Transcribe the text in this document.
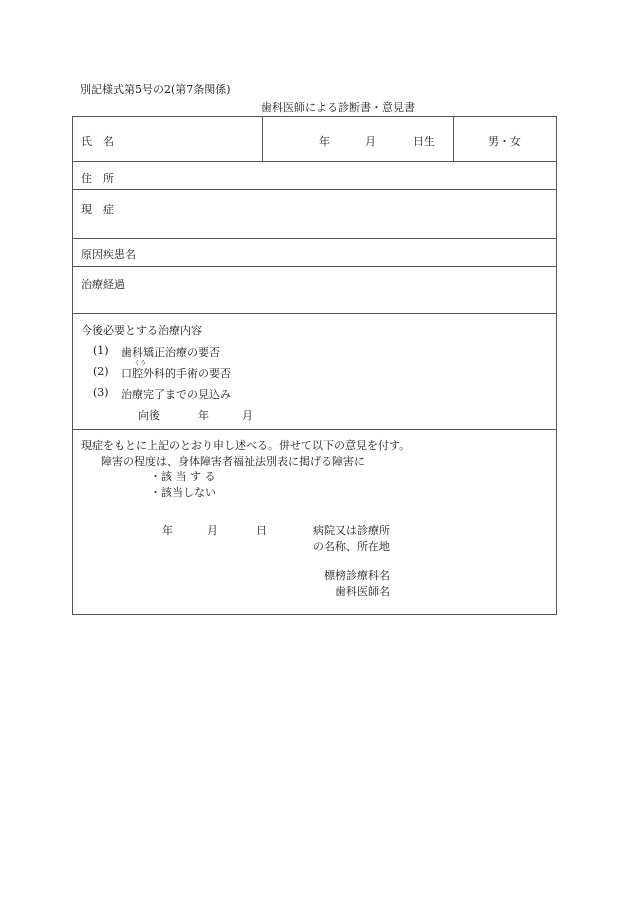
別記様式第5号の2(第7条関係)
歯科医師による診断書・意見書
氏　名	年	月	日生	男・女
住　所
現　症
原因疾患名
治療経過
今後必要とする治療内容
(1) 歯科矯正治療の要否
くう
(2) 口腔外科的手術の要否
(3) 治療完了までの見込み
向後	年	月
現症をもとに上記のとおり申し述べる。併せて以下の意見を付す。
障害の程度は、身体障害者福祉法別表に掲げる障害に
・該 当 す る
・該当しない
年	月	日	病院又は診療所
の名称、所在地
標榜診療科名
歯科医師名
